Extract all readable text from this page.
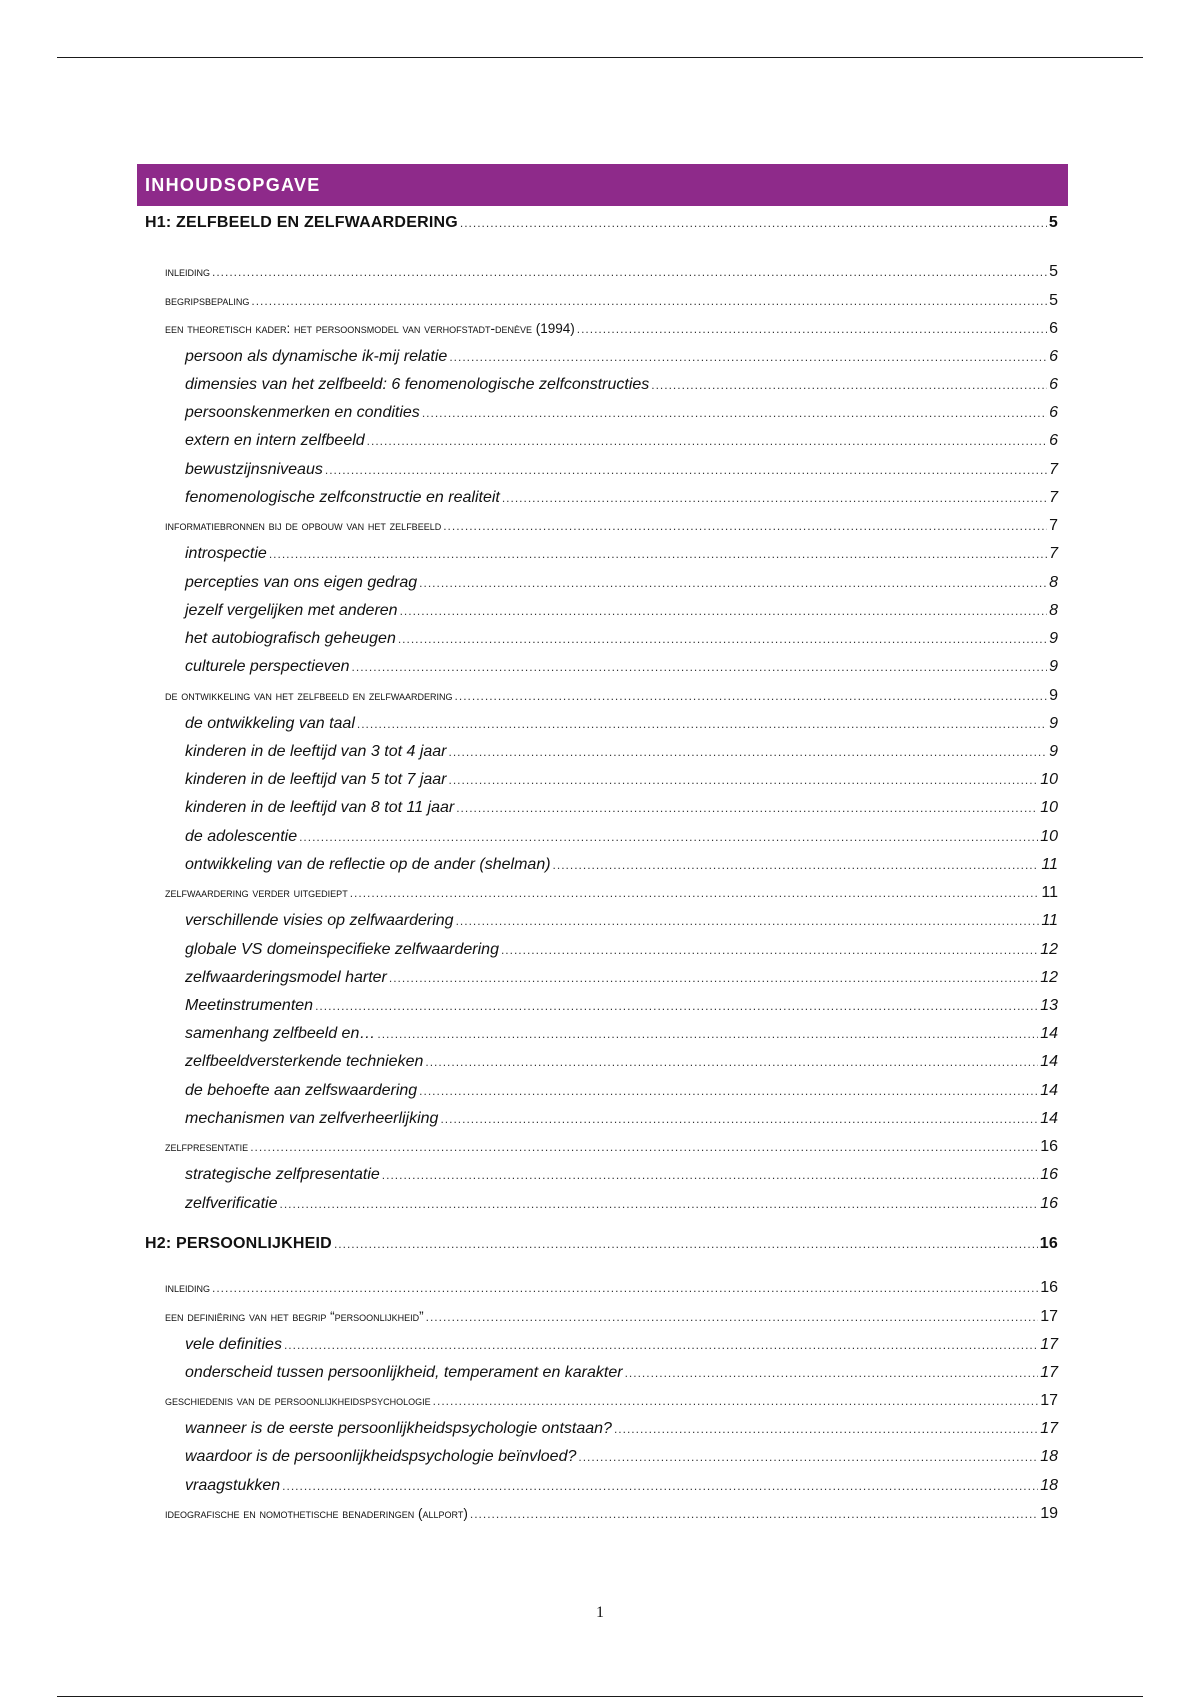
INHOUDSOPGAVE
H1: ZELFBEELD EN ZELFWAARDERING .....	5
inleiding .....	5
begripsbepaling .....	5
een theoretisch kader: het persoonsmodel van verhofstadt-denève (1994) .....	6
persoon als dynamische ik-mij relatie .....	6
dimensies van het zelfbeeld: 6 fenomenologische zelfconstructies .....	6
persoonskenmerken en condities .....	6
extern en intern zelfbeeld .....	6
bewustzijnsniveaus .....	7
fenomenologische zelfconstructie en realiteit .....	7
informatiebronnen bij de opbouw van het zelfbeeld .....	7
introspectie .....	7
percepties van ons eigen gedrag .....	8
jezelf vergelijken met anderen .....	8
het autobiografisch geheugen .....	9
culturele perspectieven .....	9
de ontwikkeling van het zelfbeeld en zelfwaardering .....	9
de ontwikkeling van taal .....	9
kinderen in de leeftijd van 3 tot 4 jaar .....	9
kinderen in de leeftijd van 5 tot 7 jaar .....	10
kinderen in de leeftijd van 8 tot 11 jaar .....	10
de adolescentie .....	10
ontwikkeling van de reflectie op de ander (shelman) .....	11
zelfwaardering verder uitgediept .....	11
verschillende visies op zelfwaardering .....	11
globale VS domeinspecifieke zelfwaardering .....	12
zelfwaarderingsmodel harter .....	12
Meetinstrumenten .....	13
samenhang zelfbeeld en… .....	14
zelfbeeldversterkende technieken .....	14
de behoefte aan zelfswaardering .....	14
mechanismen van zelfverheerlijking .....	14
zelfpresentatie .....	16
strategische zelfpresentatie .....	16
zelfverificatie .....	16
H2: PERSOONLIJKHEID .....	16
inleiding .....	16
een definiëring van het begrip “persoonlijkheid” .....	17
vele definities .....	17
onderscheid tussen persoonlijkheid, temperament en karakter .....	17
geschiedenis van de persoonlijkheidspsychologie .....	17
wanneer is de eerste persoonlijkheidspsychologie ontstaan? .....	17
waardoor is de persoonlijkheidspsychologie beïnvloed? .....	18
vraagstukken .....	18
ideografische en nomothetische benaderingen (allport) .....	19
1
